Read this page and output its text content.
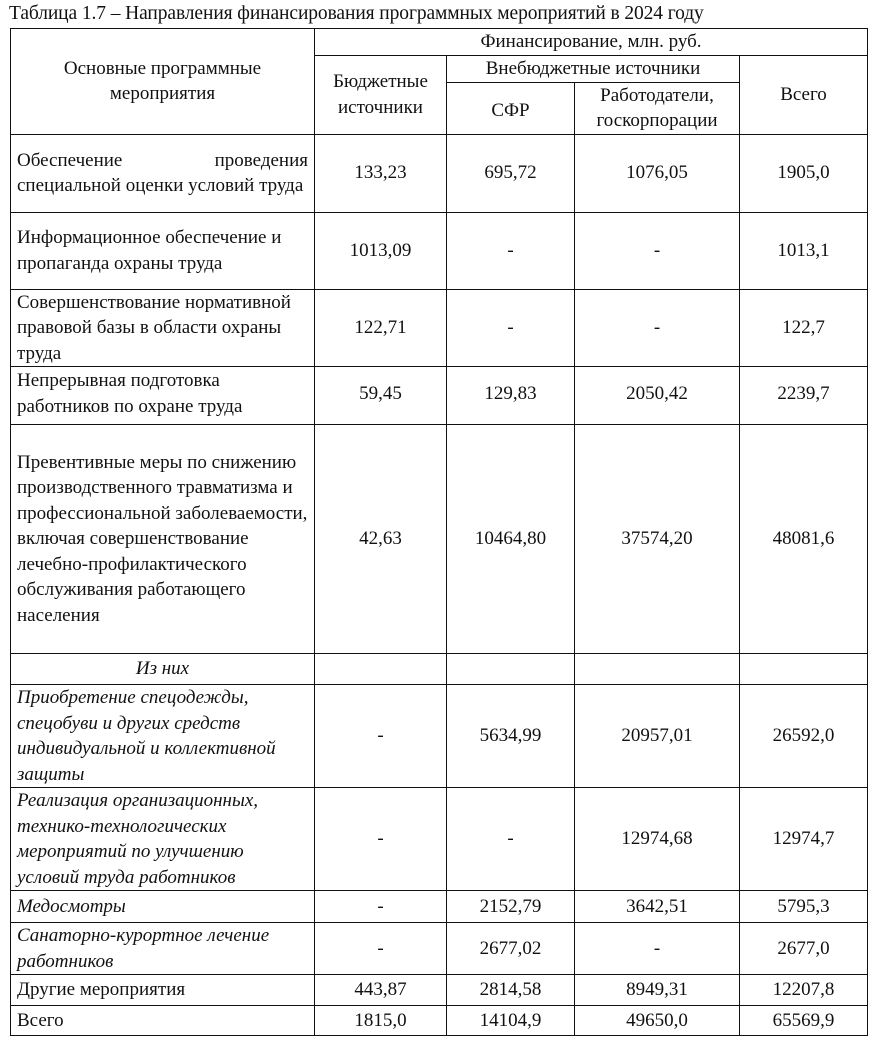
Таблица 1.7 – Направления финансирования программных мероприятий в 2024 году
Основные программные мероприятия	Финансирование, млн. руб.			
	Бюджетные источники	Внебюджетные источники		Всего
		СФР	Работодатели, госкорпорации	
Обеспечение проведения специальной оценки условий труда	133,23	695,72	1076,05	1905,0
Информационное обеспечение и пропаганда охраны труда	1013,09	-	-	1013,1
Совершенствование нормативной правовой базы в области охраны труда	122,71	-	-	122,7
Непрерывная подготовка работников по охране труда	59,45	129,83	2050,42	2239,7
Превентивные меры по снижению производственного травматизма и профессиональной заболеваемости, включая совершенствование лечебно-профилактического обслуживания работающего населения	42,63	10464,80	37574,20	48081,6
Из них				
Приобретение спецодежды, спецобуви и других средств индивидуальной и коллективной защиты	-	5634,99	20957,01	26592,0
Реализация организационных, технико-технологических мероприятий по улучшению условий труда работников	-	-	12974,68	12974,7
Медосмотры	-	2152,79	3642,51	5795,3
Санаторно-курортное лечение работников	-	2677,02	-	2677,0
Другие мероприятия	443,87	2814,58	8949,31	12207,8
Всего	1815,0	14104,9	49650,0	65569,9
